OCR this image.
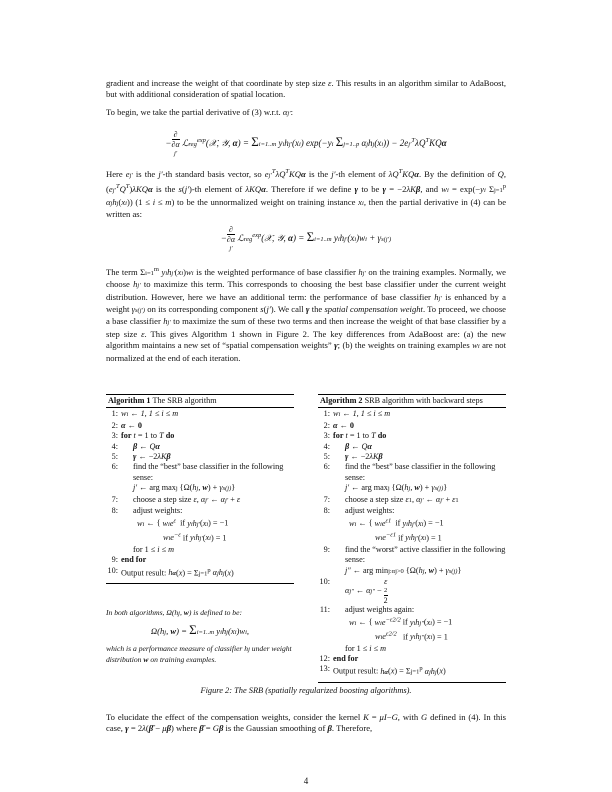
gradient and increase the weight of that coordinate by step size ε. This results in an algorithm similar to AdaBoost, but with additional consideration of spatial location.

To begin, we take the partial derivative of (3) w.r.t. αj′:

− ∂
∂α
j′ ℒreg$^{exp}$(𝒳, 𝒴, α) = Σi=1..m yihj′(xi) exp(−yi Σj=1..p $\alpha jhj(xi)) - 2ej'^T\lambda Q^TKQ\alpha$

Here ej′ is the j′-th standard basis vector, so $ej'^T\lambda Q^TKQ\alpha$ is the j′-th element of $\lambda Q^TKQ\alpha$. By the definition of Q, $(ej'^TQ^T)\lambda KQ\alpha$ is the s(j′)-th element of λKQα. Therefore if we define γ to be γ = −2λKβ, and wi = exp(−yi $\Sigma j=1^p$ αjhj(xi)) (1 ≤ i ≤ m) to be the unnormalized weight on training instance xi, then the partial derivative in (4) can be written as:

− ∂
∂α
j′ ℒreg$^{exp}$(𝒳, 𝒴, α) = Σi=1..m yihj′(xi)wi + γs(j′)

The term $\Sigma i=1^m$ yihj′(xi)wi is the weighted performance of base classifier hj′ on the training examples. Normally, we choose hj′ to maximize this term. This corresponds to choosing the best base classifier under the current weight distribution. However, here we have an additional term: the performance of base classifier hj′ is enhanced by a weight γs(j′) on its corresponding component s(j′). We call γ the spatial compensation weight. To proceed, we choose a base classifier hj′ to maximize the sum of these two terms and then increase the weight of that base classifier by a step size ε. This gives Algorithm 1 shown in Figure 2. The key differences from AdaBoost are: (a) the new algorithm maintains a new set of “spatial compensation weights” γ; (b) the weights on training examples wi are not normalized at the end of each iteration.

Algorithm 1 The SRB algorithm
1: wi ← 1, 1 ≤ i ≤ m
2: α ← 0
3: for t = 1 to T do
4:	β ← Qα
5:	γ ← −2λKβ
6:	find the “best” base classifier in the following sense:
j′ ← arg maxj {Ω(hj, w) + γs(j)}
7:	choose a step size ε, αj′ ← αj′ + ε
8:	adjust weights:
wi ← { wie$^\varepsilon$  if yihj′(xi) = −1
wie$^{-\varepsilon}$ if yihj′(xi) = 1
for 1 ≤ i ≤ m
9: end for
10: Output result: $h\alpha(x) = \Sigma j=1^p$ αjhj(x)
In both algorithms, Ω(hj, w) is defined to be:
Ω(hj, w) = Σi=1..m yihj(xi)wi,
which is a performance measure of classifier hj under weight distribution w on training examples.
Algorithm 2 SRB algorithm with backward steps
1: wi ← 1, 1 ≤ i ≤ m
2: α ← 0
3: for t = 1 to T do
4:	β ← Qα
5:	γ ← −2λKβ
6:	find the “best” base classifier in the following sense:
j′ ← arg maxj {Ω(hj, w) + γs(j)}
7:	choose a step size ε1, αj′ ← αj′ + ε1
8:	adjust weights:
wi ← { wie$^{\varepsilon 1}$  if yihj′(xi) = −1
wie$^{-\varepsilon 1}$ if yihj′(xi) = 1
9:	find the “worst” active classifier in the following sense:
j″ ← arg minj:αj>0 {Ω(hj, w) + γs(j)}
10:
αj″ ← αj″ − ε
2
2
11:	adjust weights again:
wi ← { wie$^{-\varepsilon 2/2}$ if yihj″(xi) = −1
wie$^{\varepsilon 2/2}$   if yihj″(xi) = 1
for 1 ≤ i ≤ m
12: end for
13: Output result: $h\alpha(x) = \Sigma j=1^p$ αjhj(x)
Figure 2: The SRB (spatially regularized boosting algorithms).

To elucidate the effect of the compensation weights, consider the kernel K = μI−G, with G defined in (4). In this case, γ = 2λ(β̄ − μβ) where β̄ = Gβ is the Gaussian smoothing of β. Therefore,

4
